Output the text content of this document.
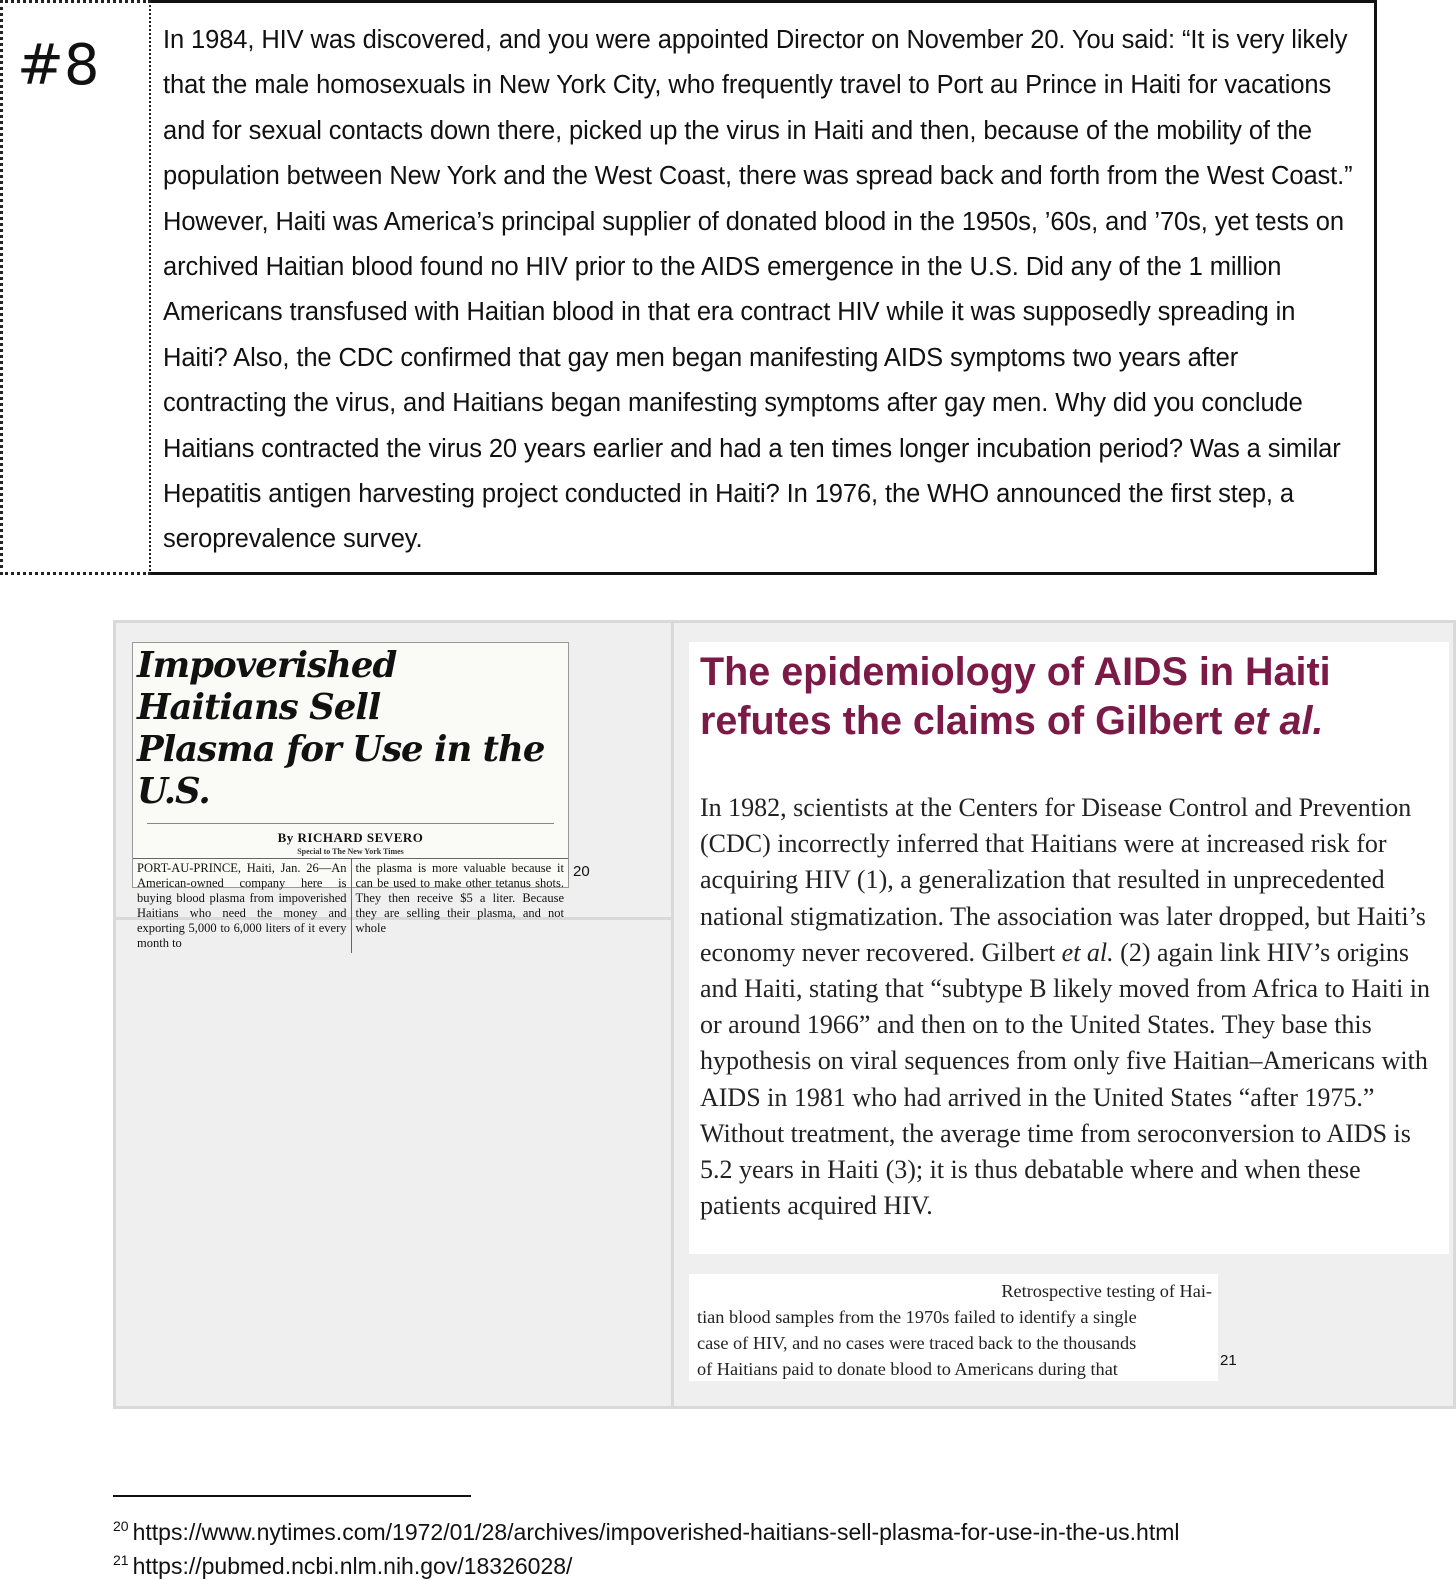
#8	In 1984, HIV was discovered, and you were appointed Director on November 20. You said: “It is very likely that the male homosexuals in New York City, who frequently travel to Port au Prince in Haiti for vacations and for sexual contacts down there, picked up the virus in Haiti and then, because of the mobility of the population between New York and the West Coast, there was spread back and forth from the West Coast.” However, Haiti was America’s principal supplier of donated blood in the 1950s, ’60s, and ’70s, yet tests on archived Haitian blood found no HIV prior to the AIDS emergence in the U.S. Did any of the 1 million Americans transfused with Haitian blood in that era contract HIV while it was supposedly spreading in Haiti? Also, the CDC confirmed that gay men began manifesting AIDS symptoms two years after contracting the virus, and Haitians began manifesting symptoms after gay men. Why did you conclude Haitians contracted the virus 20 years earlier and had a ten times longer incubation period? Was a similar Hepatitis antigen harvesting project conducted in Haiti? In 1976, the WHO announced the first step, a seroprevalence survey.
Impoverished Haitians Sell
Plasma for Use in the U.S.
By RICHARD SEVERO
Special to The New York Times
PORT-AU-PRINCE, Haiti, Jan. 26—An American-owned company here is buying blood plasma from impoverished Haitians who need the money and exporting 5,000 to 6,000 liters of it every month to
the plasma is more valuable because it can be used to make other tetanus shots. They then receive $5 a liter. Because they are selling their plasma, and not whole
20
The epidemiology of AIDS in Haiti
refutes the claims of Gilbert et al.
In 1982, scientists at the Centers for Disease Control and Prevention (CDC) incorrectly inferred that Haitians were at increased risk for acquiring HIV (1), a generalization that resulted in unprecedented national stigmatization. The association was later dropped, but Haiti’s economy never recovered. Gilbert et al. (2) again link HIV’s origins and Haiti, stating that “subtype B likely moved from Africa to Haiti in or around 1966” and then on to the United States. They base this hypothesis on viral sequences from only five Haitian–Americans with AIDS in 1981 who had arrived in the United States “after 1975.” Without treatment, the average time from seroconversion to AIDS is 5.2 years in Haiti (3); it is thus debatable where and when these patients acquired HIV.
Retrospective testing of Hai-
tian blood samples from the 1970s failed to identify a single
case of HIV, and no cases were traced back to the thousands
of Haitians paid to donate blood to Americans during that	21
$^{20}$ https://www.nytimes.com/1972/01/28/archives/impoverished-haitians-sell-plasma-for-use-in-the-us.html
$^{21}$ https://pubmed.ncbi.nlm.nih.gov/18326028/
